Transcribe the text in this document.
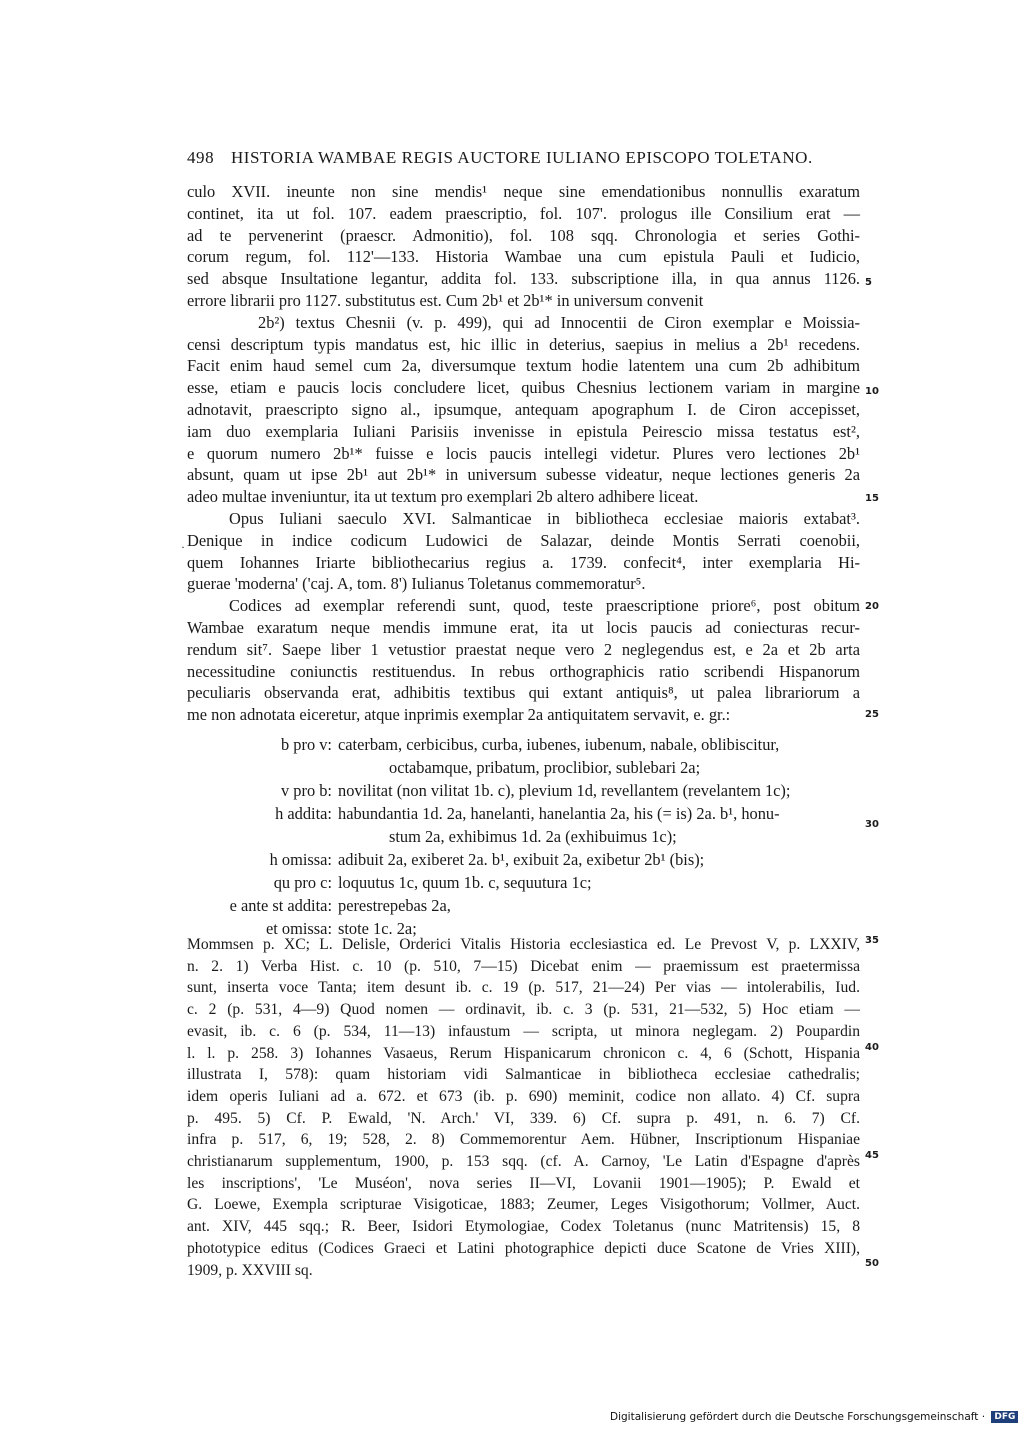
498 HISTORIA WAMBAE REGIS AUCTORE IULIANO EPISCOPO TOLETANO.

culo XVII. ineunte non sine mendis¹ neque sine emendationibus nonnullis exaratum
continet, ita ut fol. 107. eadem praescriptio, fol. 107'. prologus ille Consilium erat —
ad te pervenerint (praescr. Admonitio), fol. 108 sqq. Chronologia et series Gothi-
corum regum, fol. 112'—133. Historia Wambae una cum epistula Pauli et Iudicio,
sed absque Insultatione legantur, addita fol. 133. subscriptione illa, in qua annus 1126.
errore librarii pro 1127. substitutus est. Cum 2b¹ et 2b¹* in universum convenit
2b²) textus Chesnii (v. p. 499), qui ad Innocentii de Ciron exemplar e Moissia-
censi descriptum typis mandatus est, hic illic in deterius, saepius in melius a 2b¹ recedens.
Facit enim haud semel cum 2a, diversumque textum hodie latentem una cum 2b adhibitum
esse, etiam e paucis locis concludere licet, quibus Chesnius lectionem variam in margine
adnotavit, praescripto signo al., ipsumque, antequam apographum I. de Ciron accepisset,
iam duo exemplaria Iuliani Parisiis invenisse in epistula Peirescio missa testatus est²,
e quorum numero 2b¹* fuisse e locis paucis intellegi videtur. Plures vero lectiones 2b¹
absunt, quam ut ipse 2b¹ aut 2b¹* in universum subesse videatur, neque lectiones generis 2a
adeo multae inveniuntur, ita ut textum pro exemplari 2b altero adhibere liceat.
Opus Iuliani saeculo XVI. Salmanticae in bibliotheca ecclesiae maioris extabat³.
Denique in indice codicum Ludowici de Salazar, deinde Montis Serrati coenobii,
quem Iohannes Iriarte bibliothecarius regius a. 1739. confecit⁴, inter exemplaria Hi-
guerae 'moderna' ('caj. A, tom. 8') Iulianus Toletanus commemoratur⁵.
Codices ad exemplar referendi sunt, quod, teste praescriptione priore⁶, post obitum
Wambae exaratum neque mendis immune erat, ita ut locis paucis ad coniecturas recur-
rendum sit⁷. Saepe liber 1 vetustior praestat neque vero 2 neglegendus est, e 2a et 2b arta
necessitudine coniunctis restituendus. In rebus orthographicis ratio scribendi Hispanorum
peculiaris observanda erat, adhibitis textibus qui extant antiquis⁸, ut palea librariorum a
me non adnotata eiceretur, atque inprimis exemplar 2a antiquitatem servavit, e. gr.:

b pro v: caterbam, cerbicibus, curba, iubenes, iubenum, nabale, oblibiscitur,
octabamque, pribatum, proclibior, sublebari 2a;
v pro b: novilitat (non vilitat 1b. c), plevium 1d, revellantem (revelantem 1c);
h addita: habundantia 1d. 2a, hanelanti, hanelantia 2a, his (= is) 2a. b¹, honu-
stum 2a, exhibimus 1d. 2a (exhibuimus 1c);
h omissa: adibuit 2a, exiberet 2a. b¹, exibuit 2a, exibetur 2b¹ (bis);
qu pro c: loquutus 1c, quum 1b. c, sequutura 1c;
e ante st addita: perestrepebas 2a,
et omissa: stote 1c. 2a;
Mommsen p. XC; L. Delisle, Orderici Vitalis Historia ecclesiastica ed. Le Prevost V, p. LXXIV,
n. 2. 1) Verba Hist. c. 10 (p. 510, 7—15) Dicebat enim — praemissum est praetermissa
sunt, inserta voce Tanta; item desunt ib. c. 19 (p. 517, 21—24) Per vias — intolerabilis, Iud.
c. 2 (p. 531, 4—9) Quod nomen — ordinavit, ib. c. 3 (p. 531, 21—532, 5) Hoc etiam —
evasit, ib. c. 6 (p. 534, 11—13) infaustum — scripta, ut minora neglegam. 2) Poupardin
l. l. p. 258. 3) Iohannes Vasaeus, Rerum Hispanicarum chronicon c. 4, 6 (Schott, Hispania
illustrata I, 578): quam historiam vidi Salmanticae in bibliotheca ecclesiae cathedralis;
idem operis Iuliani ad a. 672. et 673 (ib. p. 690) meminit, codice non allato. 4) Cf. supra
p. 495. 5) Cf. P. Ewald, 'N. Arch.' VI, 339. 6) Cf. supra p. 491, n. 6. 7) Cf.
infra p. 517, 6, 19; 528, 2. 8) Commemorentur Aem. Hübner, Inscriptionum Hispaniae
christianarum supplementum, 1900, p. 153 sqq. (cf. A. Carnoy, 'Le Latin d'Espagne d'après
les inscriptions', 'Le Muséon', nova series II—VI, Lovanii 1901—1905); P. Ewald et
G. Loewe, Exempla scripturae Visigoticae, 1883; Zeumer, Leges Visigothorum; Vollmer, Auct.
ant. XIV, 445 sqq.; R. Beer, Isidori Etymologiae, Codex Toletanus (nunc Matritensis) 15, 8
phototypice editus (Codices Graeci et Latini photographice depicti duce Scatone de Vries XIII),
1909, p. XXVIII sq.
·
5
10
15
20
25
30
35
40
45
50
Digitalisierung gefördert durch die Deutsche Forschungsgemeinschaft · DFG
